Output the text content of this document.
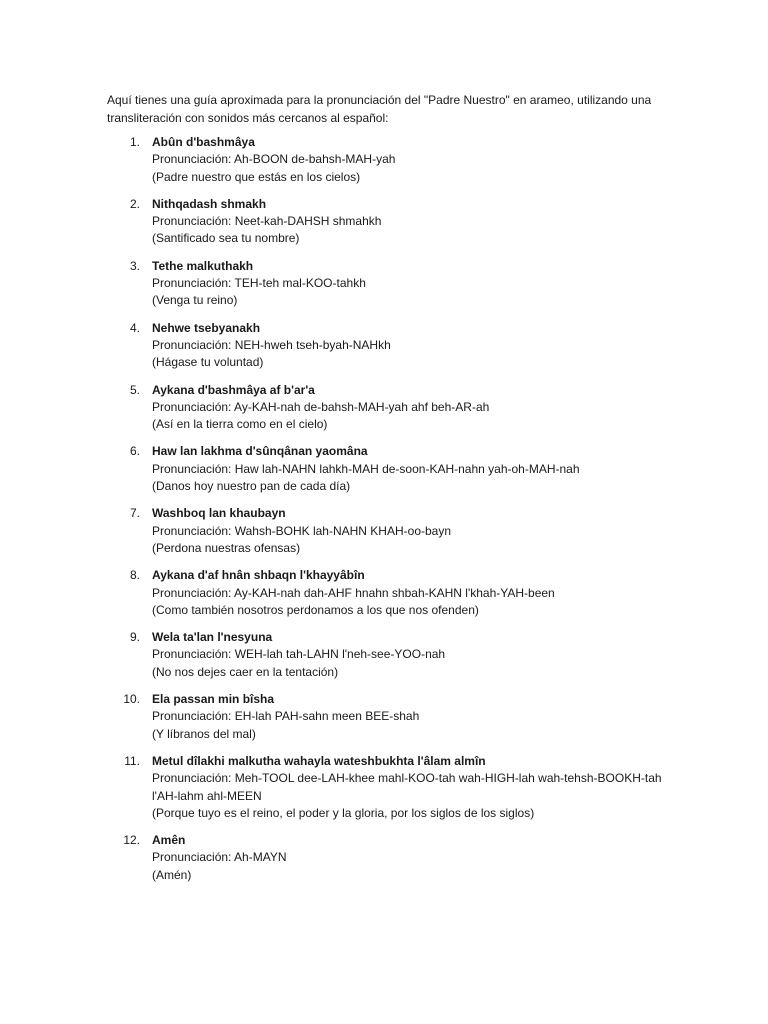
Aquí tienes una guía aproximada para la pronunciación del "Padre Nuestro" en arameo, utilizando una transliteración con sonidos más cercanos al español:

1. Abûn d'bashmâya
Pronunciación: Ah-BOON de-bahsh-MAH-yah
(Padre nuestro que estás en los cielos)
2. Nithqadash shmakh
Pronunciación: Neet-kah-DAHSH shmahkh
(Santificado sea tu nombre)
3. Tethe malkuthakh
Pronunciación: TEH-teh mal-KOO-tahkh
(Venga tu reino)
4. Nehwe tsebyanakh
Pronunciación: NEH-hweh tseh-byah-NAHkh
(Hágase tu voluntad)
5. Aykana d'bashmâya af b'ar'a
Pronunciación: Ay-KAH-nah de-bahsh-MAH-yah ahf beh-AR-ah
(Así en la tierra como en el cielo)
6. Haw lan lakhma d'sûnqânan yaomâna
Pronunciación: Haw lah-NAHN lahkh-MAH de-soon-KAH-nahn yah-oh-MAH-nah
(Danos hoy nuestro pan de cada día)
7. Washboq lan khaubayn
Pronunciación: Wahsh-BOHK lah-NAHN KHAH-oo-bayn
(Perdona nuestras ofensas)
8. Aykana d'af hnân shbaqn l'khayyâbîn
Pronunciación: Ay-KAH-nah dah-AHF hnahn shbah-KAHN l'khah-YAH-been
(Como también nosotros perdonamos a los que nos ofenden)
9. Wela ta'lan l'nesyuna
Pronunciación: WEH-lah tah-LAHN l'neh-see-YOO-nah
(No nos dejes caer en la tentación)
10. Ela passan min bîsha
Pronunciación: EH-lah PAH-sahn meen BEE-shah
(Y líbranos del mal)
11. Metul dîlakhi malkutha wahayla wateshbukhta l'âlam almîn
Pronunciación: Meh-TOOL dee-LAH-khee mahl-KOO-tah wah-HIGH-lah wah-tehsh-BOOKH-tah l'AH-lahm ahl-MEEN
(Porque tuyo es el reino, el poder y la gloria, por los siglos de los siglos)
12. Amên
Pronunciación: Ah-MAYN
(Amén)
